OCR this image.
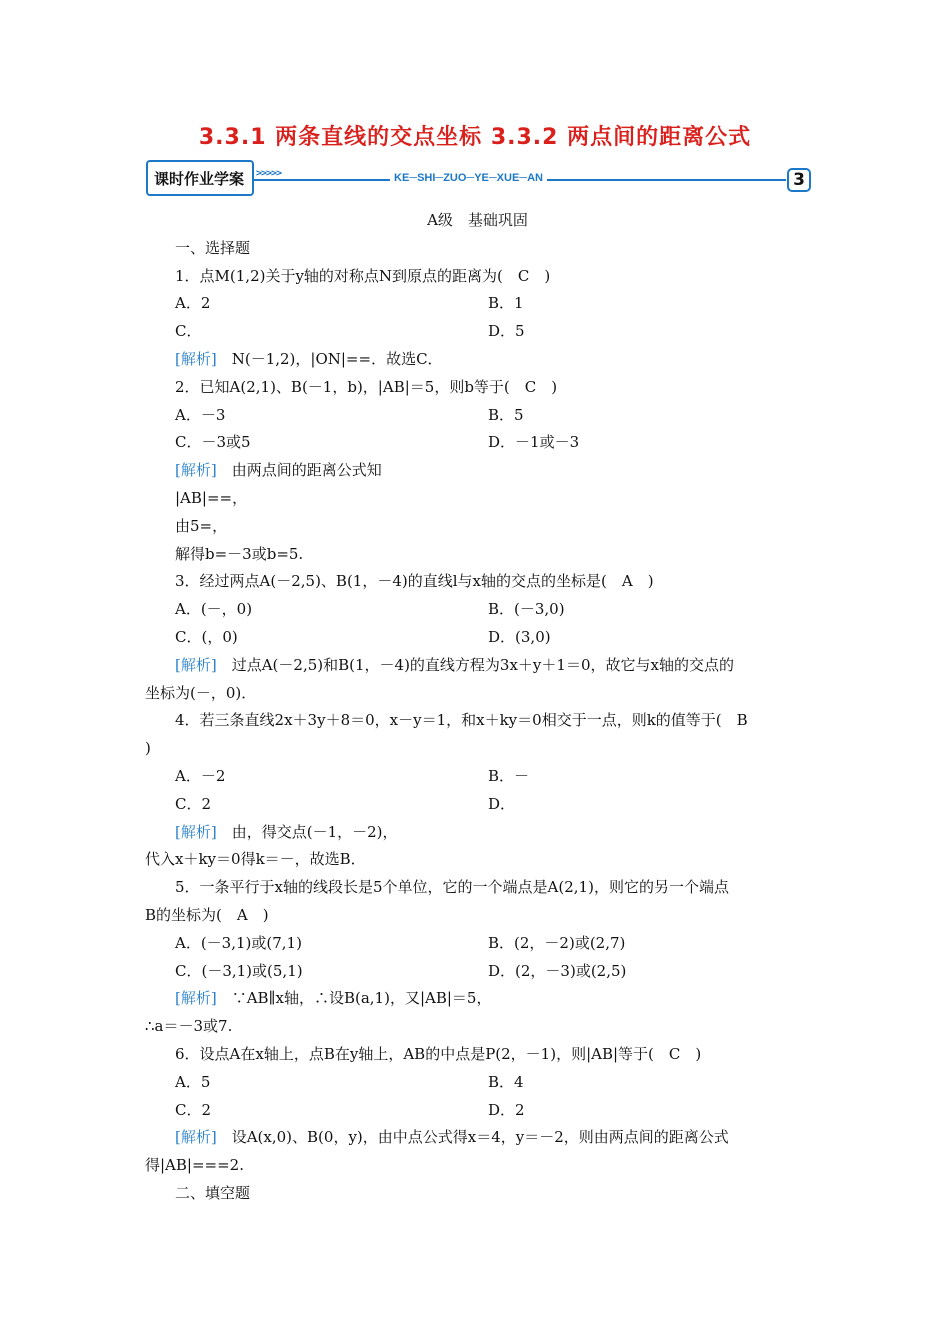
3.3.1 两条直线的交点坐标 3.3.2 两点间的距离公式
课时作业学案 >>>>>	KE─SHI─ZUO─YE─XUE─AN	3
A级　基础巩固
一、选择题
1．点M(1,2)关于y轴的对称点N到原点的距离为(　C　)
A．2	B．1
C．	D．5
[解析]　N(－1,2)，|ON|==．故选C．
2．已知A(2,1)、B(－1，b)，|AB|＝5，则b等于(　C　)
A．－3	B．5
C．－3或5	D．－1或－3
[解析]　由两点间的距离公式知
|AB|==，
由5=，
解得b=－3或b=5.
3．经过两点A(－2,5)、B(1，－4)的直线l与x轴的交点的坐标是(　A　)
A．(－，0)	B．(－3,0)
C．(，0)	D．(3,0)
[解析]　过点A(－2,5)和B(1，－4)的直线方程为3x＋y＋1＝0，故它与x轴的交点的
坐标为(－，0)．
4．若三条直线2x＋3y＋8＝0，x－y＝1，和x＋ky＝0相交于一点，则k的值等于(　B
)
A．－2	B．－
C．2	D．
[解析]　由，得交点(－1，－2)，
代入x＋ky＝0得k＝－，故选B．
5．一条平行于x轴的线段长是5个单位，它的一个端点是A(2,1)，则它的另一个端点
B的坐标为(　A　)
A．(－3,1)或(7,1)	B．(2，－2)或(2,7)
C．(－3,1)或(5,1)	D．(2，－3)或(2,5)
[解析]　∵AB∥x轴，∴设B(a,1)，又|AB|＝5，
∴a＝－3或7.
6．设点A在x轴上，点B在y轴上，AB的中点是P(2，－1)，则|AB|等于(　C　)
A．5	B．4
C．2	D．2
[解析]　设A(x,0)、B(0，y)，由中点公式得x＝4，y＝－2，则由两点间的距离公式
得|AB|===2.
二、填空题
